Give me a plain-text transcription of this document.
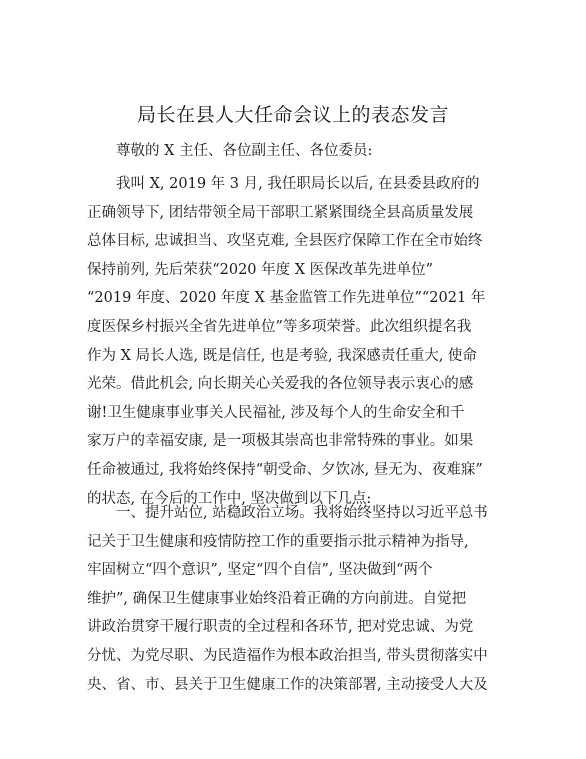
局长在县人大任命会议上的表态发言

尊敬的 X 主任、各位副主任、各位委员:

我叫 X, 2019 年 3 月, 我任职局长以后, 在县委县政府的
正确领导下, 团结带领全局干部职工紧紧围绕全县高质量发展
总体目标, 忠诚担当、攻坚克难, 全县医疗保障工作在全市始终
保持前列, 先后荣获“2020 年度 X 医保改革先进单位”
“2019 年度、2020 年度 X 基金监管工作先进单位”“2021 年
度医保乡村振兴全省先进单位”等多项荣誉。此次组织提名我
作为 X 局长人选, 既是信任, 也是考验, 我深感责任重大, 使命
光荣。借此机会, 向长期关心关爱我的各位领导表示衷心的感
谢!卫生健康事业事关人民福祉, 涉及每个人的生命安全和千
家万户的幸福安康, 是一项极其崇高也非常特殊的事业。如果
任命被通过, 我将始终保持“朝受命、夕饮冰, 昼无为、夜难寐”
的状态, 在今后的工作中, 坚决做到以下几点:
一、提升站位, 站稳政治立场。我将始终坚持以习近平总书
记关于卫生健康和疫情防控工作的重要指示批示精神为指导,
牢固树立“四个意识”, 坚定“四个自信”, 坚决做到“两个
维护”, 确保卫生健康事业始终沿着正确的方向前进。自觉把
讲政治贯穿干履行职责的全过程和各环节, 把对党忠诚、为党
分忧、为党尽职、为民造福作为根本政治担当, 带头贯彻落实中
央、省、市、县关于卫生健康工作的决策部署, 主动接受人大及
